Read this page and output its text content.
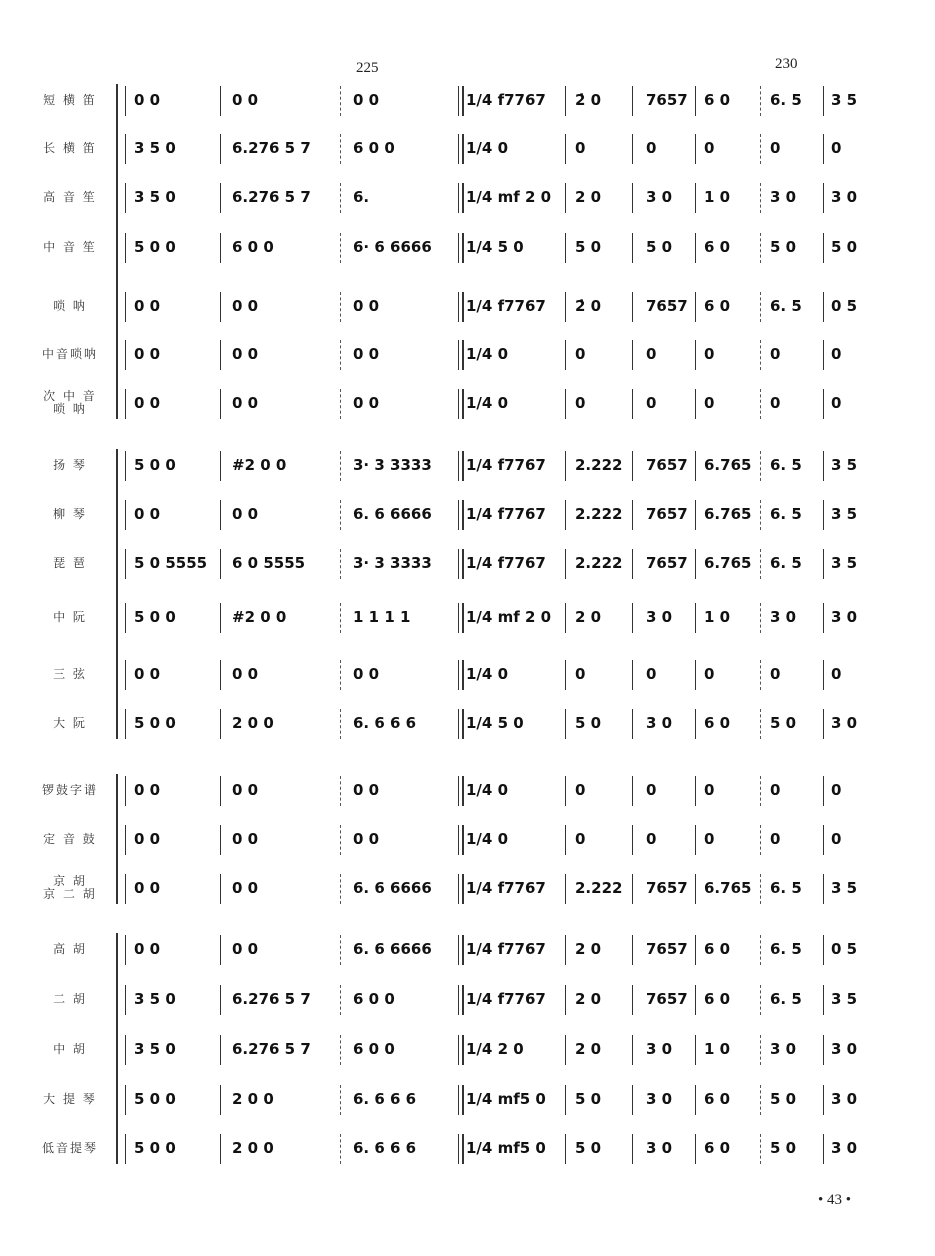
225	230
短 横 笛	0 0	0 0	0 0	1/4 f7767	2̇ 0	7657	6 0	6. 5	3 5
长 横 笛	3 5 0	6.276 5 7	6 0 0	1/4 0	0	0	0	0	0
高 音 笙	3 5 0	6.276 5 7	6.	1/4 mf 2 0	2 0	3 0	1 0	3 0	3 0
中 音 笙	5 0 0	6 0 0	6· 6 6666	1/4 5 0	5 0	5 0	6 0	5 0	5 0
唢 呐	0 0	0 0	0 0	1/4 f7767	2̇ 0	7657	6 0	6. 5	0 5
中音唢呐	0 0	0 0	0 0	1/4 0	0	0	0	0	0
次 中 音
唢 呐	0 0	0 0	0 0	1/4 0	0	0	0	0	0
扬 琴	5 0 0	#2 0 0	3· 3 3333	1/4 f7767	2.222	7657	6.765	6. 5	3 5
柳 琴	0 0	0 0	6. 6 6666	1/4 f7767	2.222	7657	6.765	6. 5	3 5
琵 琶	5 0 5555	6 0 5555	3· 3 3333	1/4 f7767	2.222	7657	6.765	6. 5	3 5
中 阮	5 0 0	#2 0 0	1 1 1 1	1/4 mf 2 0	2 0	3 0	1 0	3 0	3 0
三 弦	0 0	0 0	0 0	1/4 0	0	0	0	0	0
大 阮	5 0 0	2 0 0	6. 6 6 6	1/4 5 0	5 0	3 0	6 0	5 0	3 0
锣鼓字谱	0 0	0 0	0 0	1/4 0	0	0	0	0	0
定 音 鼓	0 0	0 0	0 0	1/4 0	0	0	0	0	0
京 胡
京 二 胡	0 0	0 0	6. 6 6666	1/4 f7767	2.222	7657	6.765	6. 5	3 5
高 胡	0 0	0 0	6. 6 6666	1/4 f7767	2 0	7657	6 0	6. 5	0 5
二 胡	3 5 0	6.276 5 7	6 0 0	1/4 f7767	2 0	7657	6 0	6. 5	3 5
中 胡	3 5 0	6.276 5 7	6 0 0	1/4 2 0	2 0	3 0	1 0	3 0	3 0
大 提 琴	5 0 0	2 0 0	6. 6 6 6	1/4 mf5 0	5 0	3 0	6 0	5 0	3 0
低音提琴	5 0 0	2 0 0	6. 6 6 6	1/4 mf5 0	5 0	3 0	6 0	5 0	3 0
• 43 •
